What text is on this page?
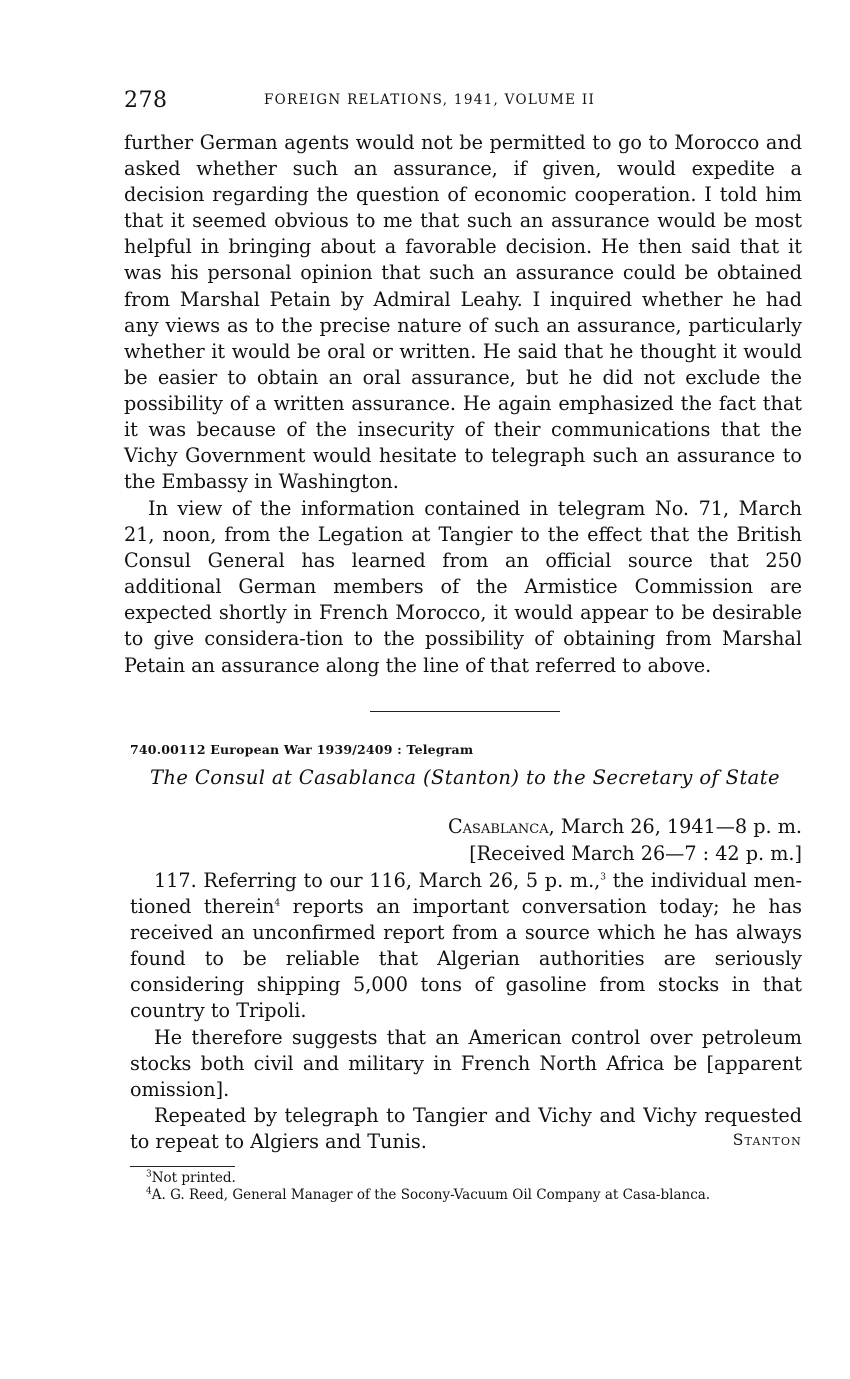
278	FOREIGN RELATIONS, 1941, VOLUME II

further German agents would not be permitted to go to Morocco and asked whether such an assurance, if given, would expedite a decision regarding the question of economic cooperation. I told him that it seemed obvious to me that such an assurance would be most helpful in bringing about a favorable decision. He then said that it was his personal opinion that such an assurance could be obtained from Marshal Petain by Admiral Leahy. I inquired whether he had any views as to the precise nature of such an assurance, particularly whether it would be oral or written. He said that he thought it would be easier to obtain an oral assurance, but he did not exclude the possibility of a written assurance. He again emphasized the fact that it was because of the insecurity of their communications that the Vichy Government would hesitate to telegraph such an assurance to the Embassy in Washington.

In view of the information contained in telegram No. 71, March 21, noon, from the Legation at Tangier to the effect that the British Consul General has learned from an official source that 250 additional German members of the Armistice Commission are expected shortly in French Morocco, it would appear to be desirable to give considera-tion to the possibility of obtaining from Marshal Petain an assurance along the line of that referred to above.

740.00112 European War 1939/2409 : Telegram
The Consul at Casablanca (Stanton) to the Secretary of State
Casablanca, March 26, 1941—8 p. m.
[Received March 26—7 : 42 p. m.]

117. Referring to our 116, March 26, 5 p. m.,$^3$ the individual men-tioned therein$^4$ reports an important conversation today; he has received an unconfirmed report from a source which he has always found to be reliable that Algerian authorities are seriously considering shipping 5,000 tons of gasoline from stocks in that country to Tripoli.

He therefore suggests that an American control over petroleum stocks both civil and military in French North Africa be [apparent omission].

Repeated by telegraph to Tangier and Vichy and Vichy requested to repeat to Algiers and Tunis.	Stanton

$^3$Not printed.

$^4$A. G. Reed, General Manager of the Socony-Vacuum Oil Company at Casa-blanca.
